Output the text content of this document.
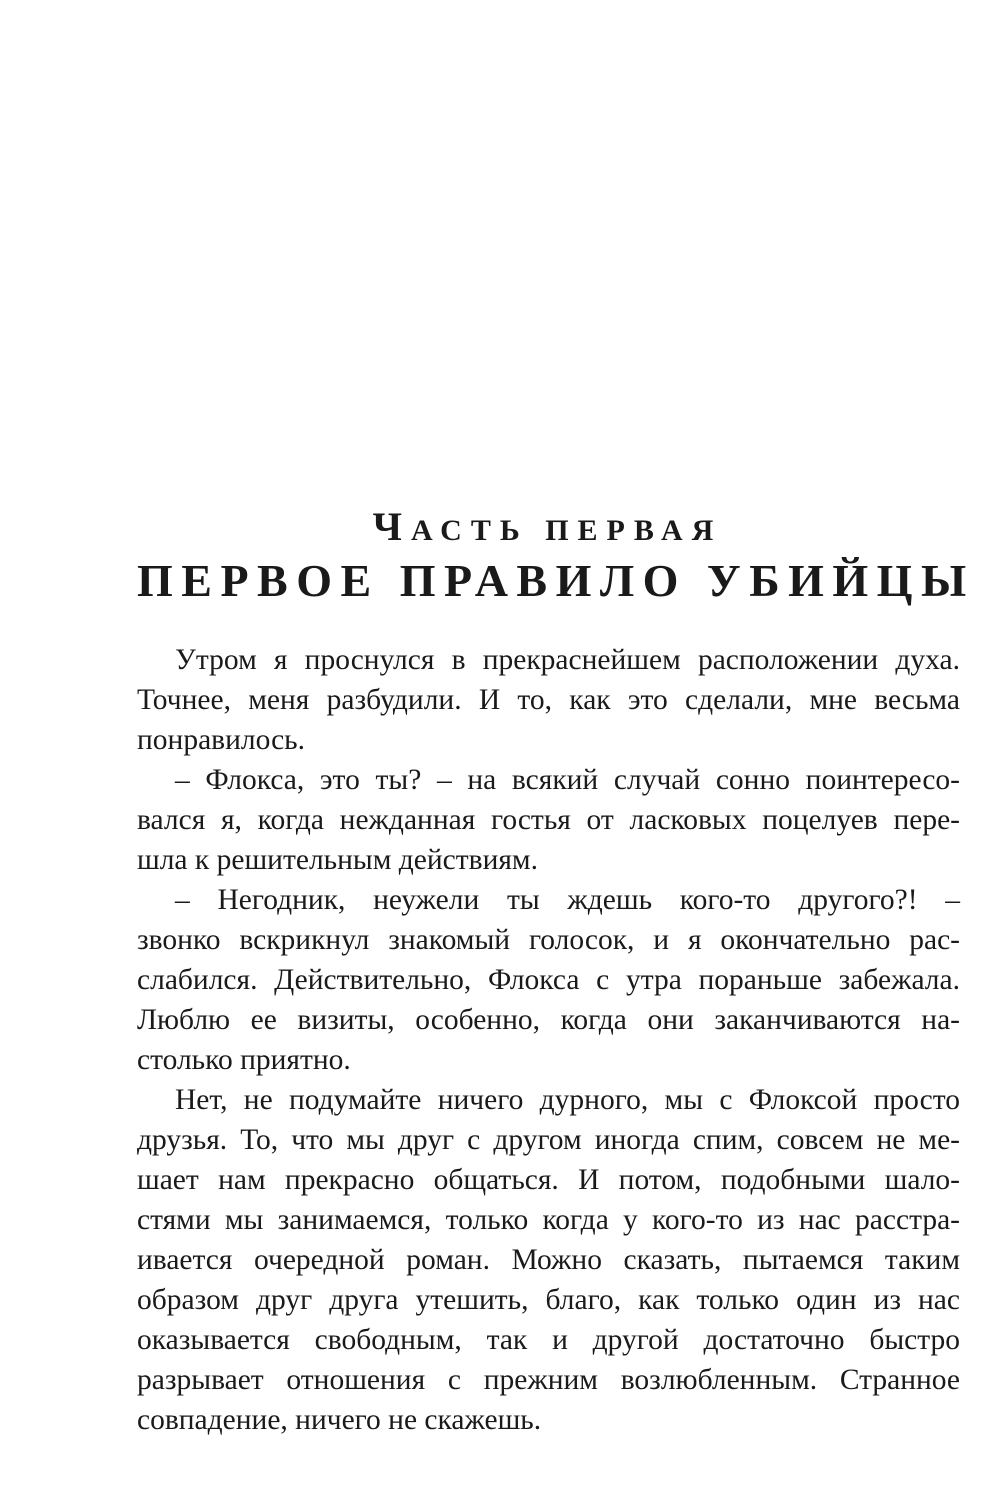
ЧАСТЬ ПЕРВАЯ
ПЕРВОЕ ПРАВИЛО УБИЙЦЫ
Утром я проснулся в прекраснейшем расположении духа.
Точнее, меня разбудили. И то, как это сделали, мне весьма
понравилось.
– Флокса, это ты? – на всякий случай сонно поинтересо-
вался я, когда нежданная гостья от ласковых поцелуев пере-
шла к решительным действиям.
– Негодник, неужели ты ждешь кого-то другого?! –
звонко вскрикнул знакомый голосок, и я окончательно рас-
слабился. Действительно, Флокса с утра пораньше забежала.
Люблю ее визиты, особенно, когда они заканчиваются на-
столько приятно.
Нет, не подумайте ничего дурного, мы с Флоксой просто
друзья. То, что мы друг с другом иногда спим, совсем не ме-
шает нам прекрасно общаться. И потом, подобными шало-
стями мы занимаемся, только когда у кого-то из нас расстра-
ивается очередной роман. Можно сказать, пытаемся таким
образом друг друга утешить, благо, как только один из нас
оказывается свободным, так и другой достаточно быстро
разрывает отношения с прежним возлюбленным. Странное
совпадение, ничего не скажешь.
